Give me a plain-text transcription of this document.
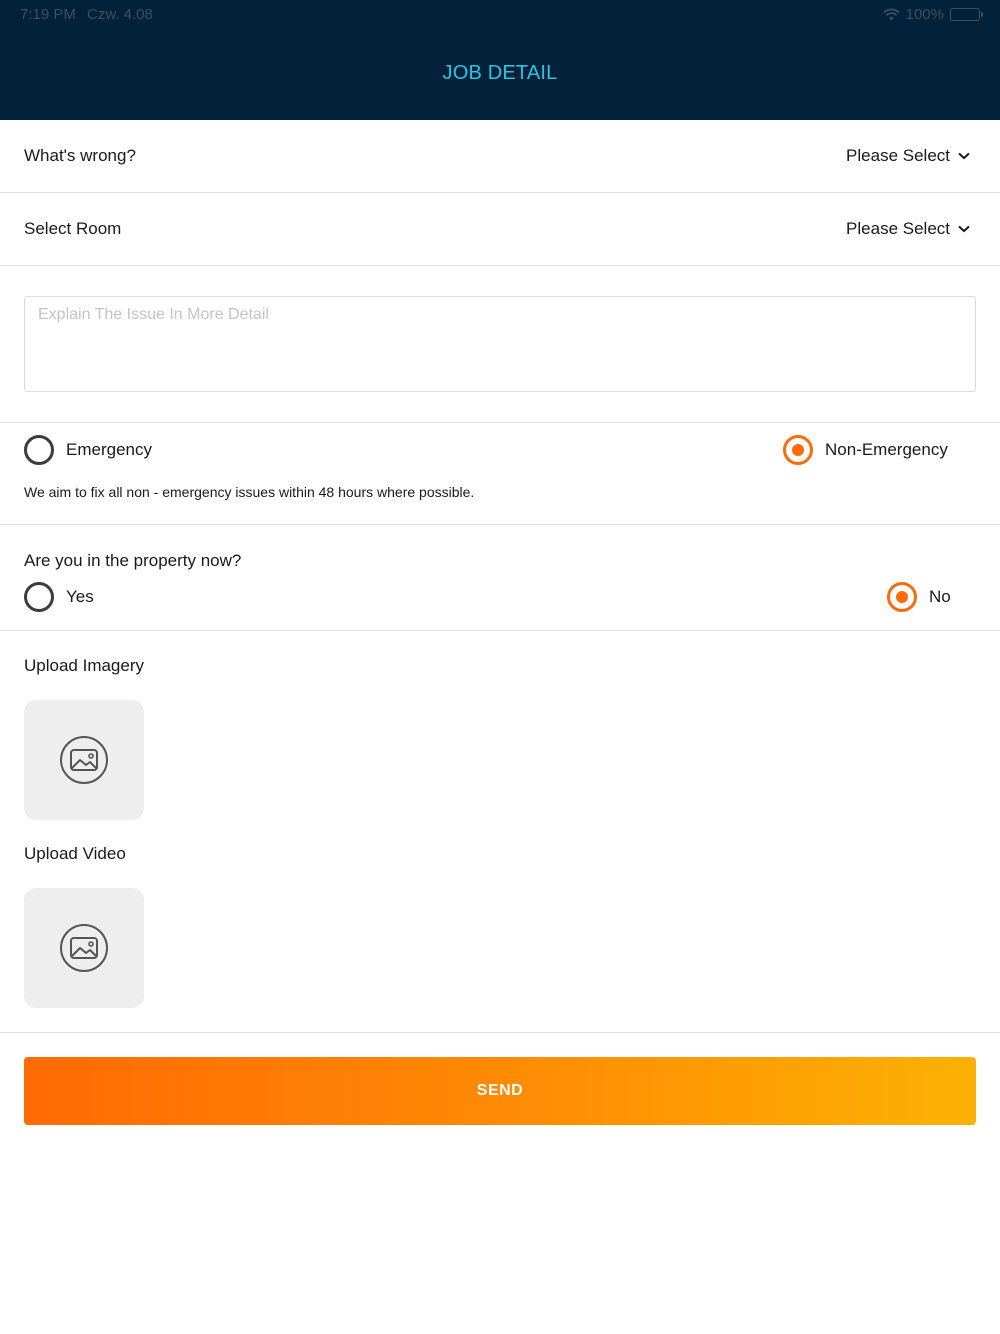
7:19 PM Czw. 4.08	100%
JOB DETAIL
What's wrong?	Please Select
Select Room	Please Select
Explain The Issue In More Detail
Emergency	Non-Emergency
We aim to fix all non - emergency issues within 48 hours where possible.
Are you in the property now?
Yes	No
Upload Imagery
Upload Video
SEND
